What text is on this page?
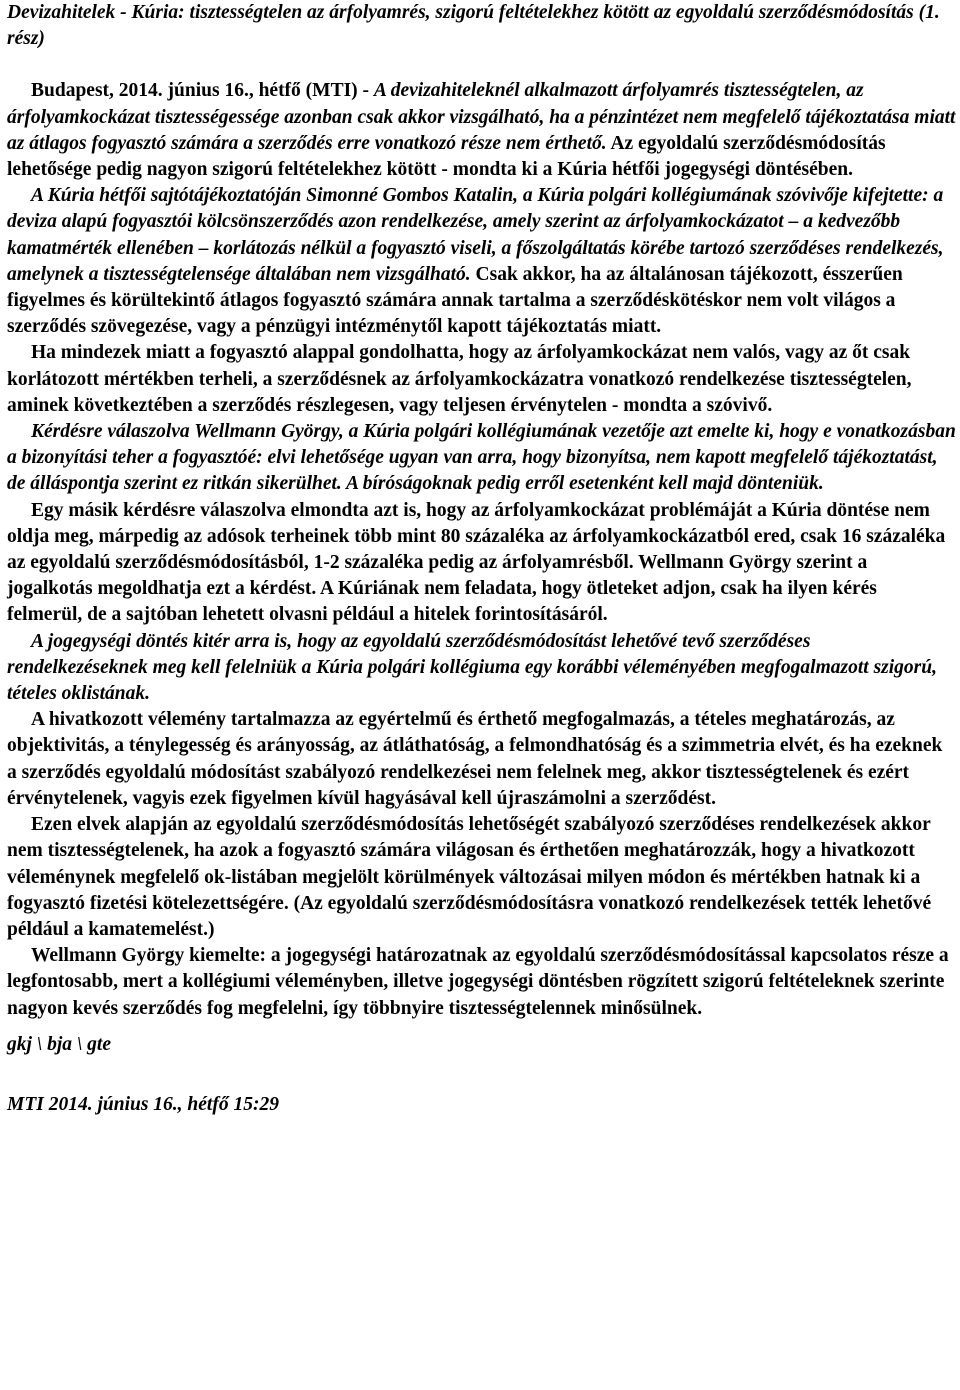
Devizahitelek - Kúria: tisztességtelen az árfolyamrés, szigorú feltételekhez kötött az egyoldalú szerződésmódosítás (1. rész)

Budapest, 2014. június 16., hétfő (MTI) - A devizahiteleknél alkalmazott árfolyamrés tisztességtelen, az árfolyamkockázat tisztességessége azonban csak akkor vizsgálható, ha a pénzintézet nem megfelelő tájékoztatása miatt az átlagos fogyasztó számára a szerződés erre vonatkozó része nem érthető. Az egyoldalú szerződésmódosítás lehetősége pedig nagyon szigorú feltételekhez kötött - mondta ki a Kúria hétfői jogegységi döntésében.

A Kúria hétfői sajtótájékoztatóján Simonné Gombos Katalin, a Kúria polgári kollégiumának szóvivője kifejtette: a deviza alapú fogyasztói kölcsönszerződés azon rendelkezése, amely szerint az árfolyamkockázatot – a kedvezőbb kamatmérték ellenében – korlátozás nélkül a fogyasztó viseli, a főszolgáltatás körébe tartozó szerződéses rendelkezés, amelynek a tisztességtelensége általában nem vizsgálható. Csak akkor, ha az általánosan tájékozott, ésszerűen figyelmes és körültekintő átlagos fogyasztó számára annak tartalma a szerződéskötéskor nem volt világos a szerződés szövegezése, vagy a pénzügyi intézménytől kapott tájékoztatás miatt.

Ha mindezek miatt a fogyasztó alappal gondolhatta, hogy az árfolyamkockázat nem valós, vagy az őt csak korlátozott mértékben terheli, a szerződésnek az árfolyamkockázatra vonatkozó rendelkezése tisztességtelen, aminek következtében a szerződés részlegesen, vagy teljesen érvénytelen - mondta a szóvivő.

Kérdésre válaszolva Wellmann György, a Kúria polgári kollégiumának vezetője azt emelte ki, hogy e vonatkozásban a bizonyítási teher a fogyasztóé: elvi lehetősége ugyan van arra, hogy bizonyítsa, nem kapott megfelelő tájékoztatást, de álláspontja szerint ez ritkán sikerülhet. A bíróságoknak pedig erről esetenként kell majd dönteniük.

Egy másik kérdésre válaszolva elmondta azt is, hogy az árfolyamkockázat problémáját a Kúria döntése nem oldja meg, márpedig az adósok terheinek több mint 80 százaléka az árfolyamkockázatból ered, csak 16 százaléka az egyoldalú szerződésmódosításból, 1-2 százaléka pedig az árfolyamrésből. Wellmann György szerint a jogalkotás megoldhatja ezt a kérdést. A Kúriának nem feladata, hogy ötleteket adjon, csak ha ilyen kérés felmerül, de a sajtóban lehetett olvasni például a hitelek forintosításáról.

A jogegységi döntés kitér arra is, hogy az egyoldalú szerződésmódosítást lehetővé tevő szerződéses rendelkezéseknek meg kell felelniük a Kúria polgári kollégiuma egy korábbi véleményében megfogalmazott szigorú, tételes oklistának.

A hivatkozott vélemény tartalmazza az egyértelmű és érthető megfogalmazás, a tételes meghatározás, az objektivitás, a ténylegesség és arányosság, az átláthatóság, a felmondhatóság és a szimmetria elvét, és ha ezeknek a szerződés egyoldalú módosítást szabályozó rendelkezései nem felelnek meg, akkor tisztességtelenek és ezért érvénytelenek, vagyis ezek figyelmen kívül hagyásával kell újraszámolni a szerződést.

Ezen elvek alapján az egyoldalú szerződésmódosítás lehetőségét szabályozó szerződéses rendelkezések akkor nem tisztességtelenek, ha azok a fogyasztó számára világosan és érthetően meghatározzák, hogy a hivatkozott véleménynek megfelelő ok-listában megjelölt körülmények változásai milyen módon és mértékben hatnak ki a fogyasztó fizetési kötelezettségére. (Az egyoldalú szerződésmódosításra vonatkozó rendelkezések tették lehetővé például a kamatemelést.)

Wellmann György kiemelte: a jogegységi határozatnak az egyoldalú szerződésmódosítással kapcsolatos része a legfontosabb, mert a kollégiumi véleményben, illetve jogegységi döntésben rögzített szigorú feltételeknek szerinte nagyon kevés szerződés fog megfelelni, így többnyire tisztességtelennek minősülnek.

gkj \ bja \ gte

MTI 2014. június 16., hétfő 15:29
